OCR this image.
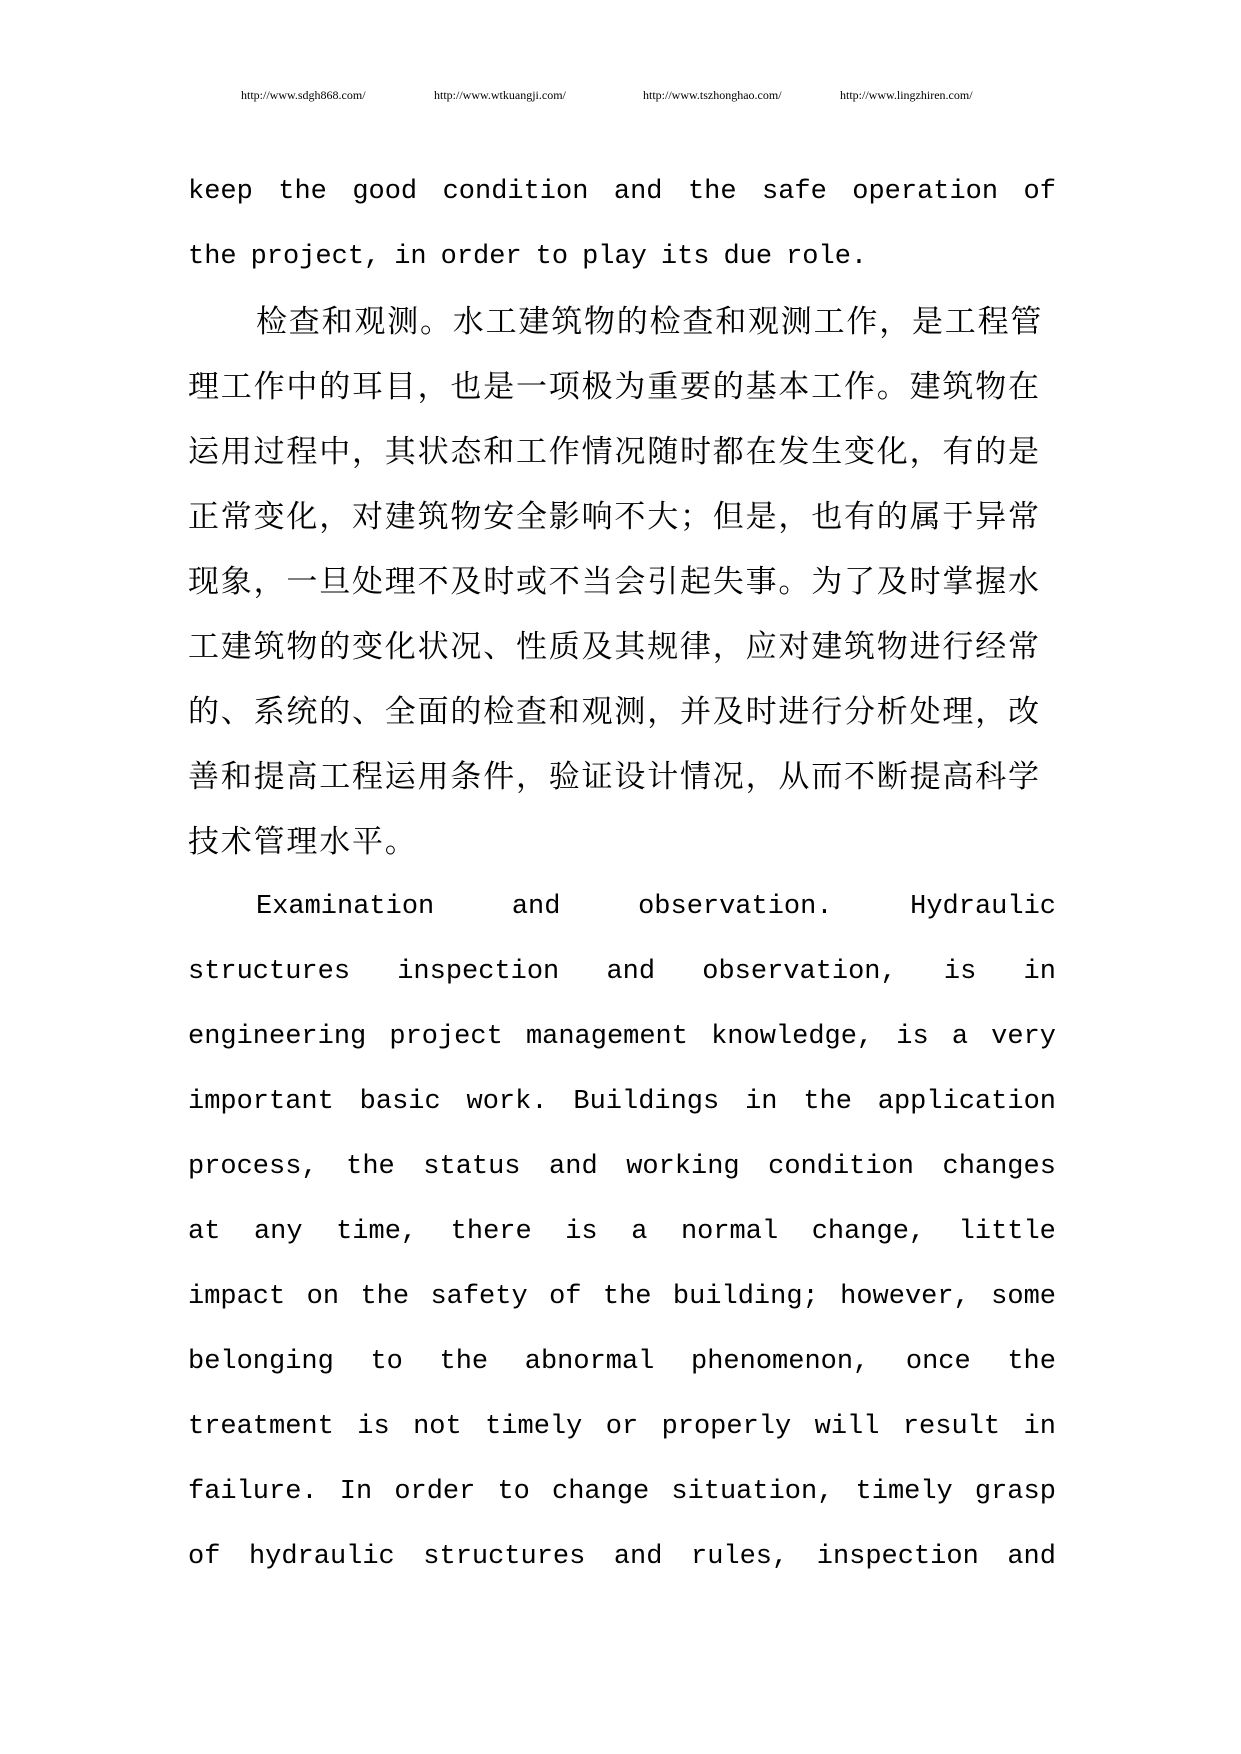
http://www.sdgh868.com/	http://www.wtkuangji.com/	http://www.tszhonghao.com/	http://www.lingzhiren.com/
keep the good condition and the safe operation of
the project, in order to play its due role.
检查和观测。水工建筑物的检查和观测工作，是工程管
理工作中的耳目，也是一项极为重要的基本工作。建筑物在
运用过程中，其状态和工作情况随时都在发生变化，有的是
正常变化，对建筑物安全影响不大；但是，也有的属于异常
现象，一旦处理不及时或不当会引起失事。为了及时掌握水
工建筑物的变化状况、性质及其规律，应对建筑物进行经常
的、系统的、全面的检查和观测，并及时进行分析处理，改
善和提高工程运用条件，验证设计情况，从而不断提高科学
技术管理水平。
Examination	and	observation.	Hydraulic
structures inspection and observation, is in
engineering project management knowledge, is a very
important basic work. Buildings in the application
process, the status and working condition changes
at any time, there is a normal change, little
impact on the safety of the building; however, some
belonging to the abnormal phenomenon, once the
treatment is not timely or properly will result in
failure. In order to change situation, timely grasp
of hydraulic structures and rules, inspection and
